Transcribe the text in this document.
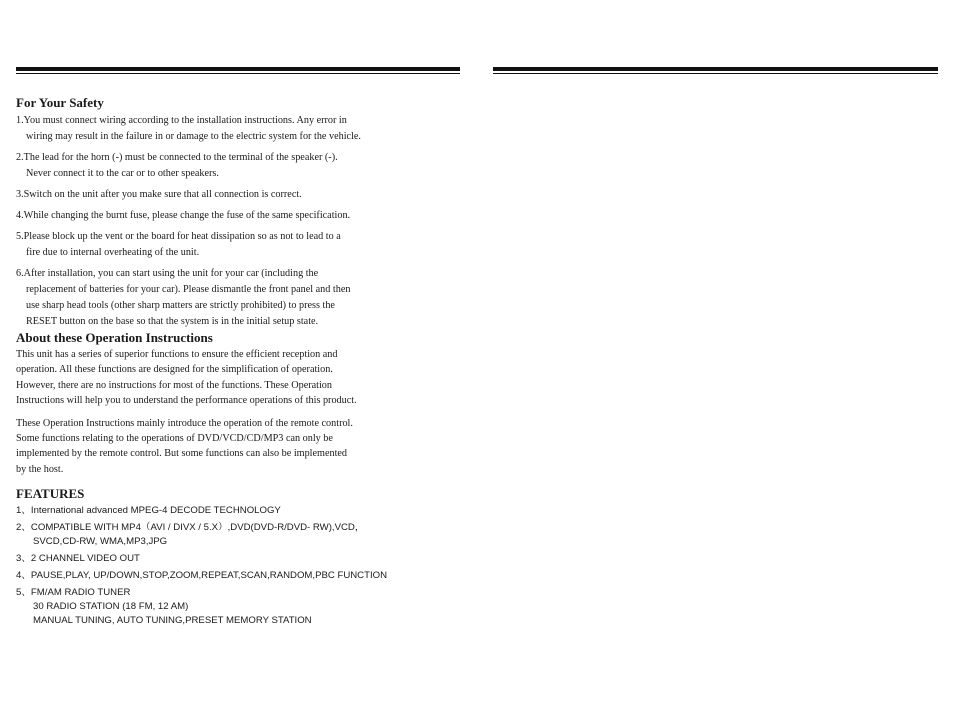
For Your Safety

1.You must connect wiring according to the installation instructions. Any error in
wiring may result in the failure in or damage to the electric system for the vehicle.

2.The lead for the horn (-) must be connected to the terminal of the speaker (-).
Never connect it to the car or to other speakers.

3.Switch on the unit after you make sure that all connection is correct.

4.While changing the burnt fuse, please change the fuse of the same specification.

5.Please block up the vent or the board for heat dissipation so as not to lead to a
fire due to internal overheating of the unit.

6.After installation, you can start using the unit for your car (including the
replacement of batteries for your car). Please dismantle the front panel and then
use sharp head tools (other sharp matters are strictly prohibited) to press the
RESET button on the base so that the system is in the initial setup state.

About these Operation Instructions

This unit has a series of superior functions to ensure the efficient reception and
operation. All these functions are designed for the simplification of operation.
However, there are no instructions for most of the functions. These Operation
Instructions will help you to understand the performance operations of this product.

These Operation Instructions mainly introduce the operation of the remote control.
Some functions relating to the operations of DVD/VCD/CD/MP3 can only be
implemented by the remote control. But some functions can also be implemented
by the host.

FEATURES

1、International advanced MPEG-4 DECODE TECHNOLOGY

2、COMPATIBLE WITH MP4（AVI / DIVX / 5.X）,DVD(DVD-R/DVD- RW),VCD，
SVCD,CD-RW, WMA,MP3,JPG

3、2 CHANNEL VIDEO OUT

4、PAUSE,PLAY, UP/DOWN,STOP,ZOOM,REPEAT,SCAN,RANDOM,PBC FUNCTION

5、FM/AM RADIO TUNER
30 RADIO STATION (18 FM, 12 AM)
MANUAL TUNING, AUTO TUNING,PRESET MEMORY STATION
